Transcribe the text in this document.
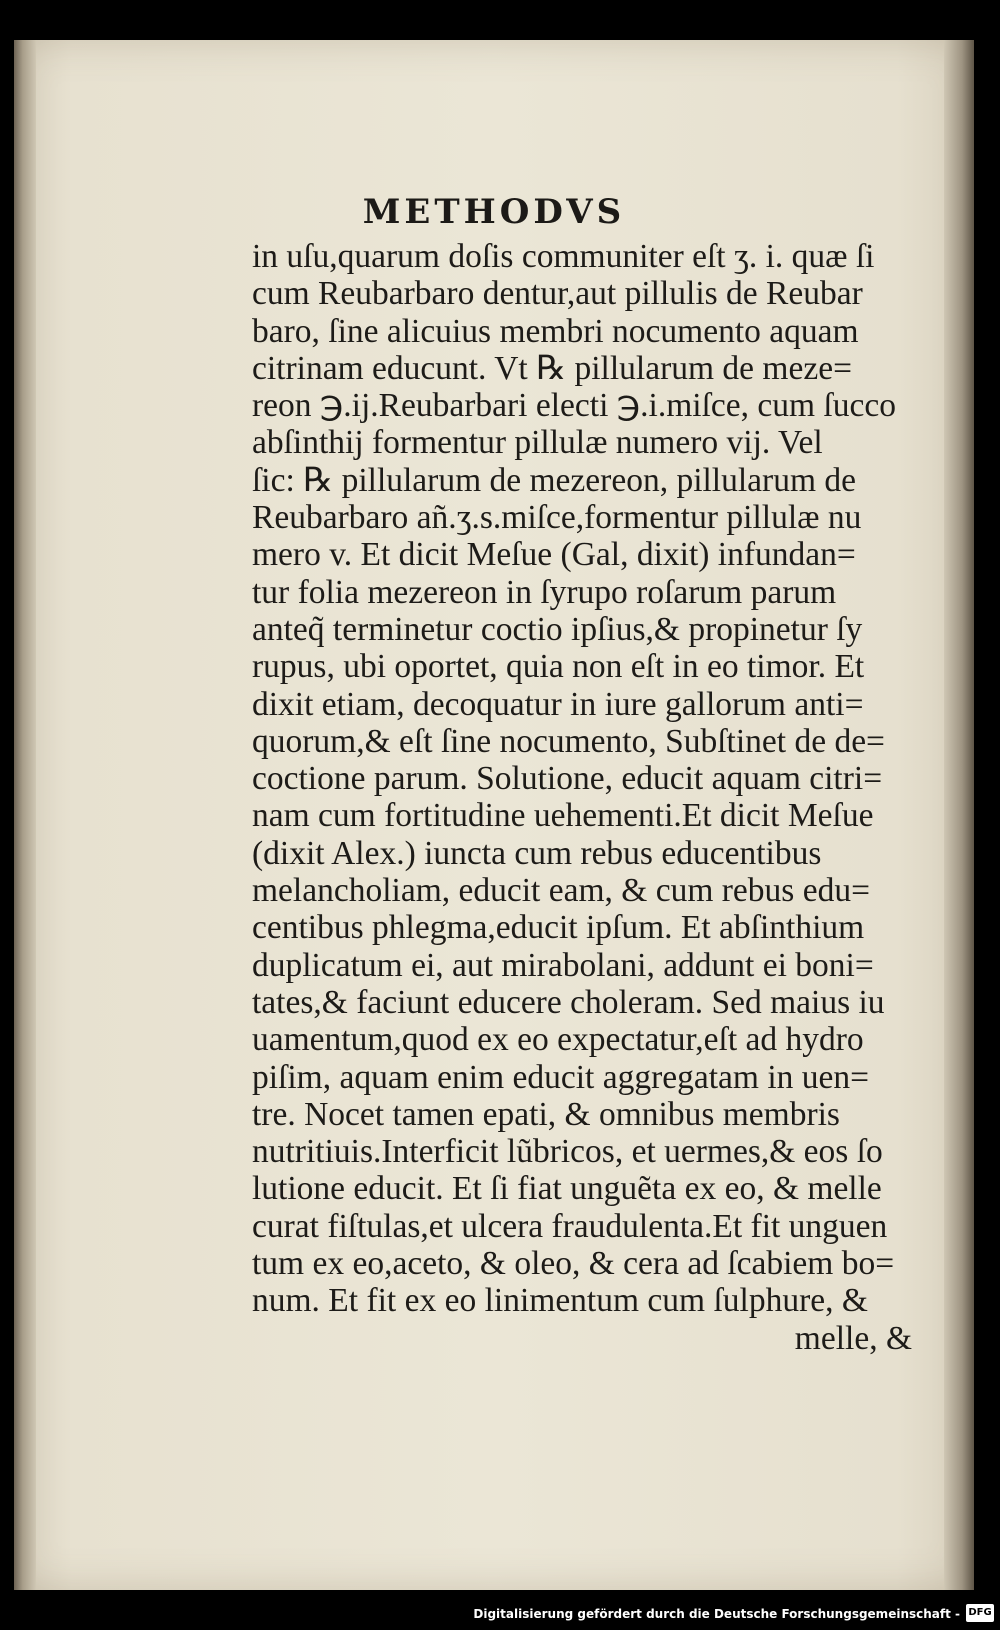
METHODVS
in uſu,quarum doſis communiter eſt ʒ. i. quæ ſi
cum Reubarbaro dentur,aut pillulis de Reubar
baro, ſine alicuius membri nocumento aquam
citrinam educunt. Vt ℞ pillularum de meze=
reon ℈.ij.Reubarbari electi ℈.i.miſce, cum ſucco
abſinthij formentur pillulæ numero vij. Vel
ſic: ℞ pillularum de mezereon, pillularum de
Reubarbaro añ.ʒ.s.miſce,formentur pillulæ nu
mero v. Et dicit Meſue (Gal, dixit) infundan=
tur folia mezereon in ſyrupo roſarum parum
anteq̃ terminetur coctio ipſius,& propinetur ſy
rupus, ubi oportet, quia non eſt in eo timor. Et
dixit etiam, decoquatur in iure gallorum anti=
quorum,& eſt ſine nocumento, Subſtinet de de=
coctione parum. Solutione, educit aquam citri=
nam cum fortitudine uehementi.Et dicit Meſue
(dixit Alex.) iuncta cum rebus educentibus
melancholiam, educit eam, & cum rebus edu=
centibus phlegma,educit ipſum. Et abſinthium
duplicatum ei, aut mirabolani, addunt ei boni=
tates,& faciunt educere choleram. Sed maius iu
uamentum,quod ex eo expectatur,eſt ad hydro
piſim, aquam enim educit aggregatam in uen=
tre. Nocet tamen epati, & omnibus membris
nutritiuis.Interficit lũbricos, et uermes,& eos ſo
lutione educit. Et ſi fiat unguẽta ex eo, & melle
curat fiſtulas,et ulcera fraudulenta.Et fit unguen
tum ex eo,aceto, & oleo, & cera ad ſcabiem bo=
num. Et fit ex eo linimentum cum ſulphure, &
melle, &
Digitalisierung gefördert durch die Deutsche Forschungsgemeinschaft - DFG
